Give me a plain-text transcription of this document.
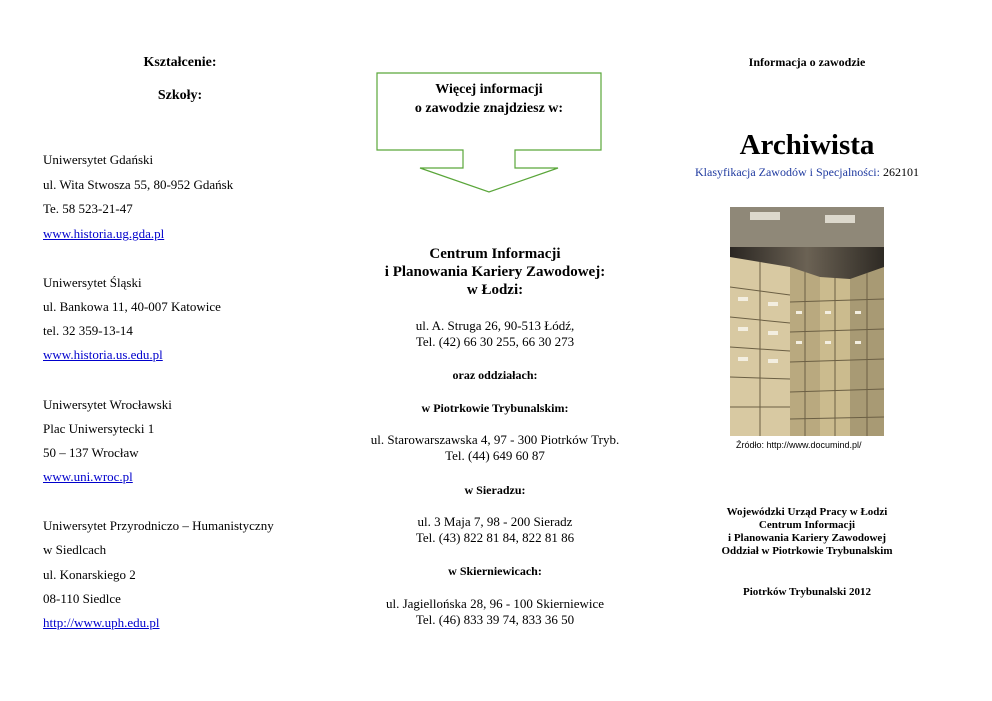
Kształcenie:
Szkoły:
Uniwersytet Gdański
ul. Wita Stwosza 55, 80-952 Gdańsk
Te. 58 523-21-47
www.historia.ug.gda.pl
Uniwersytet Śląski
ul. Bankowa 11, 40-007 Katowice
tel. 32 359-13-14
www.historia.us.edu.pl
Uniwersytet Wrocławski
Plac Uniwersytecki 1
50 – 137 Wrocław
www.uni.wroc.pl
Uniwersytet Przyrodniczo – Humanistyczny
w Siedlcach
ul. Konarskiego 2
08-110 Siedlce
http://www.uph.edu.pl
Więcej informacji
o zawodzie znajdziesz w:
Centrum Informacji
i Planowania Kariery Zawodowej:
w Łodzi:
ul. A. Struga 26, 90-513 Łódź,
Tel. (42) 66 30 255, 66 30 273
oraz oddziałach:
w Piotrkowie Trybunalskim:
ul. Starowarszawska 4, 97 - 300 Piotrków Tryb.
Tel. (44) 649 60 87
w Sieradzu:
ul. 3 Maja 7, 98 - 200 Sieradz
Tel. (43) 822 81 84, 822 81 86
w Skierniewicach:
ul. Jagiellońska 28, 96 - 100 Skierniewice
Tel. (46) 833 39 74, 833 36 50
Informacja o zawodzie
Archiwista
Klasyfikacja Zawodów i Specjalności: 262101
Źródło: http://www.documind.pl/
Wojewódzki Urząd Pracy w Łodzi
Centrum Informacji
i Planowania Kariery Zawodowej
Oddział w Piotrkowie Trybunalskim
Piotrków Trybunalski 2012
